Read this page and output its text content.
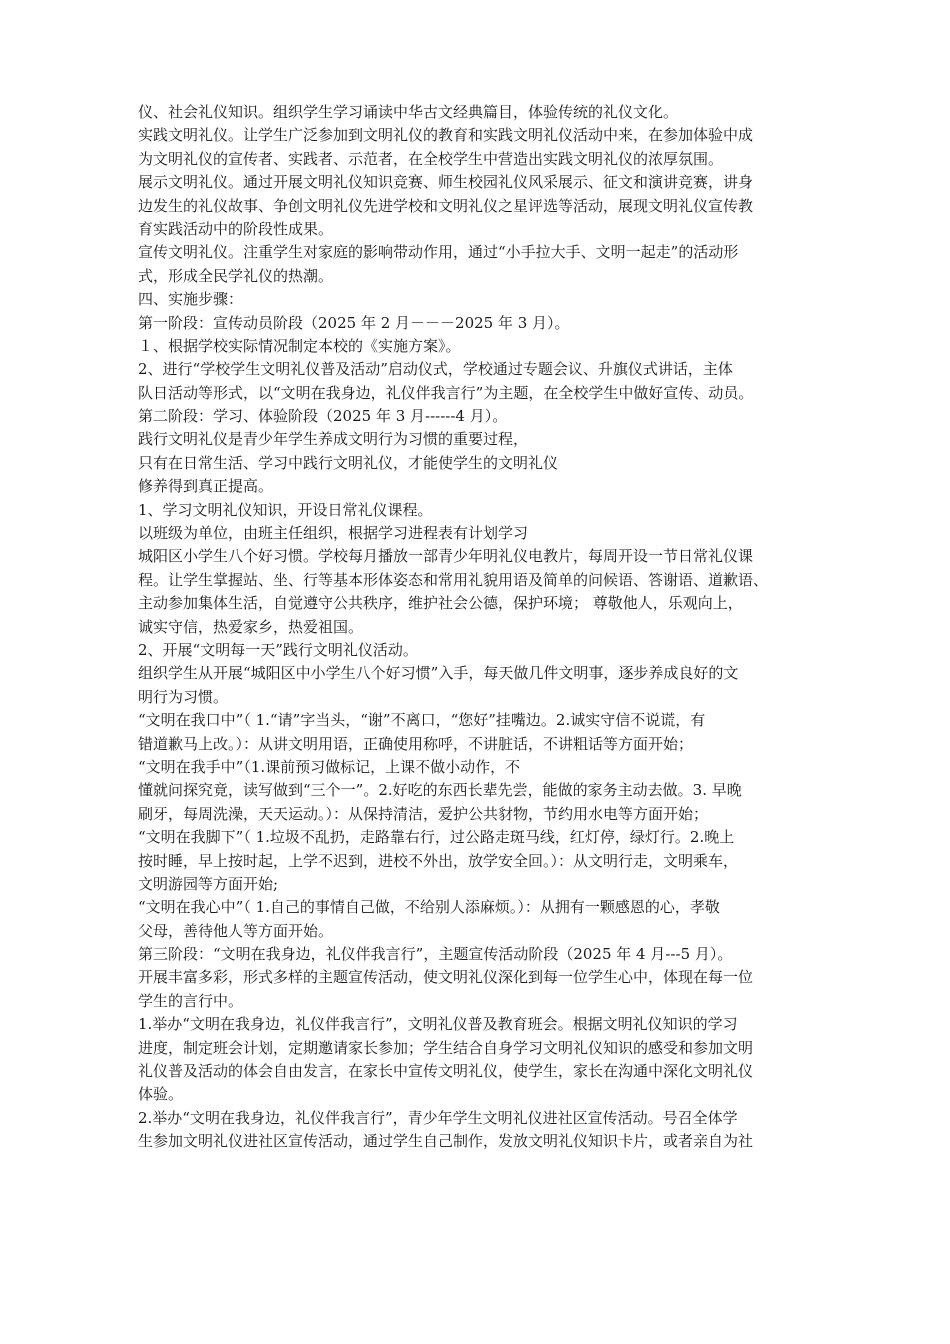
仪、社会礼仪知识。组织学生学习诵读中华古文经典篇目，体验传统的礼仪文化。
实践文明礼仪。让学生广泛参加到文明礼仪的教育和实践文明礼仪活动中来，在参加体验中成
为文明礼仪的宣传者、实践者、示范者，在全校学生中营造出实践文明礼仪的浓厚氛围。
展示文明礼仪。通过开展文明礼仪知识竞赛、师生校园礼仪风采展示、征文和演讲竞赛，讲身
边发生的礼仪故事、争创文明礼仪先进学校和文明礼仪之星评选等活动，展现文明礼仪宣传教
育实践活动中的阶段性成果。
宣传文明礼仪。注重学生对家庭的影响带动作用，通过“小手拉大手、文明一起走”的活动形
式，形成全民学礼仪的热潮。
四、实施步骤：
第一阶段：宣传动员阶段（2025 年 2 月－－－2025 年 3 月）。
１、根据学校实际情况制定本校的《实施方案》。
2、进行“学校学生文明礼仪普及活动”启动仪式，学校通过专题会议、升旗仪式讲话，主体
队日活动等形式，以“文明在我身边，礼仪伴我言行”为主题，在全校学生中做好宣传、动员。
第二阶段：学习、体验阶段（2025 年 3 月------4 月）。
践行文明礼仪是青少年学生养成文明行为习惯的重要过程，
只有在日常生活、学习中践行文明礼仪，才能使学生的文明礼仪
修养得到真正提高。
1、学习文明礼仪知识，开设日常礼仪课程。
以班级为单位，由班主任组织，根据学习进程表有计划学习
城阳区小学生八个好习惯。学校每月播放一部青少年明礼仪电教片，每周开设一节日常礼仪课
程。让学生掌握站、坐、行等基本形体姿态和常用礼貌用语及简单的问候语、答谢语、道歉语、
主动参加集体生活，自觉遵守公共秩序，维护社会公德，保护环境； 尊敬他人，乐观向上，
诚实守信，热爱家乡，热爱祖国。
2、开展“文明每一天”践行文明礼仪活动。
组织学生从开展“城阳区中小学生八个好习惯”入手，每天做几件文明事，逐步养成良好的文
明行为习惯。
“文明在我口中”（ 1.“请”字当头，“谢”不离口，“您好”挂嘴边。2.诚实守信不说谎，有
错道歉马上改。）：从讲文明用语，正确使用称呼，不讲脏话，不讲粗话等方面开始；
“文明在我手中”（1.课前预习做标记，上课不做小动作，不
懂就问探究竟，读写做到“三个一”。2.好吃的东西长辈先尝，能做的家务主动去做。3. 早晚
刷牙，每周洗澡，天天运动。）：从保持清洁，爱护公共豺物，节约用水电等方面开始；
“文明在我脚下”（ 1.垃圾不乱扔，走路靠右行，过公路走斑马线，红灯停，绿灯行。2.晚上
按时睡，早上按时起，上学不迟到，进校不外出，放学安全回。）：从文明行走，文明乘车，
文明游园等方面开始;
“文明在我心中”（ 1.自己的事情自己做，不给别人添麻烦。）：从拥有一颗感恩的心，孝敬
父母，善待他人等方面开始。
第三阶段：“文明在我身边，礼仪伴我言行”，主题宣传活动阶段（2025 年 4 月---5 月）。
开展丰富多彩，形式多样的主题宣传活动，使文明礼仪深化到每一位学生心中，体现在每一位
学生的言行中。
1.举办“文明在我身边，礼仪伴我言行”，文明礼仪普及教育班会。根据文明礼仪知识的学习
进度，制定班会计划，定期邀请家长参加；学生结合自身学习文明礼仪知识的感受和参加文明
礼仪普及活动的体会自由发言，在家长中宣传文明礼仪，使学生，家长在沟通中深化文明礼仪
体验。
2.举办“文明在我身边，礼仪伴我言行”，青少年学生文明礼仪进社区宣传活动。号召全体学
生参加文明礼仪进社区宣传活动，通过学生自己制作，发放文明礼仪知识卡片，或者亲自为社
